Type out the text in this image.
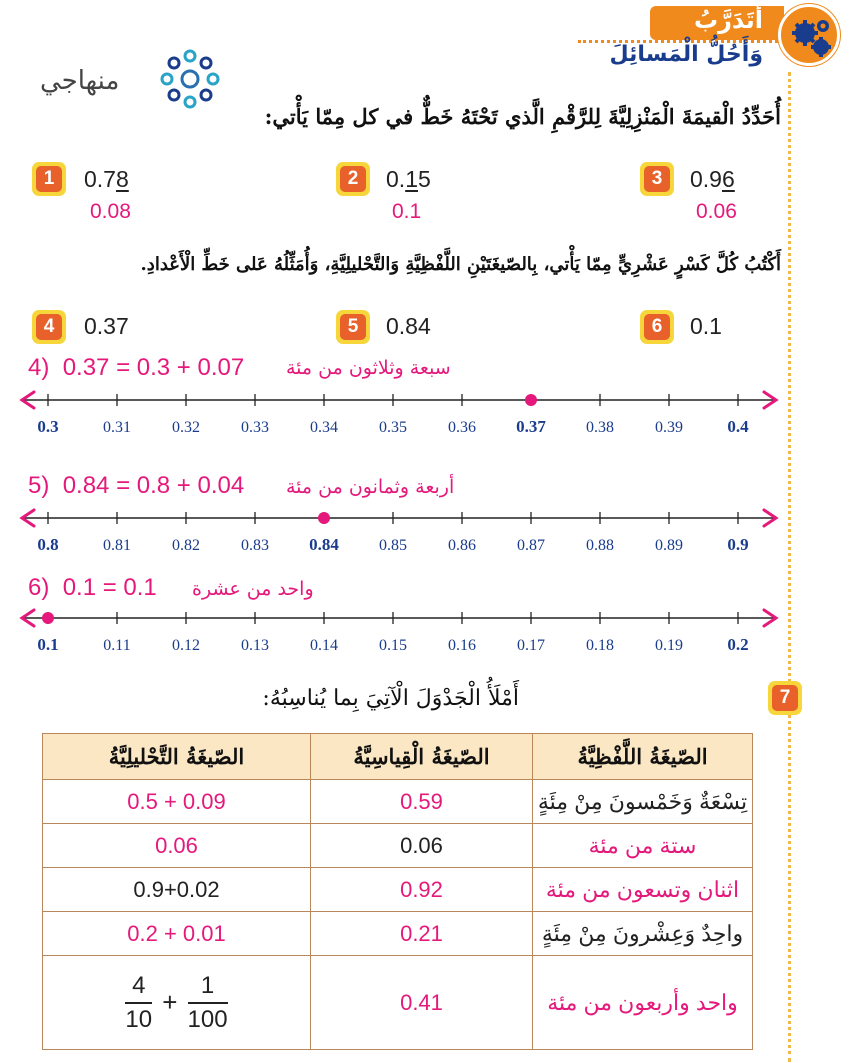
أَتَدَرَّبُ
وَأَحُلُّ الْمَسائِلَ
منهاجي
أُحَدِّدُ الْقيمَةَ الْمَنْزِلِيَّةَ لِلرَّقْمِ الَّذي تَحْتَهُ خَطٌّ في كل مِمّا يَأْتي:
3	0.96
0.06
2	0.15
0.1
1	0.78
0.08
أَكْتُبُ كُلَّ كَسْرٍ عَشْرِيٍّ مِمّا يَأْتي، بِالصّيغَتَيْنِ اللَّفْظِيَّةِ وَالتَّحْليلِيَّةِ، وَأُمَثِّلُهُ عَلى خَطِّ الْأَعْدادِ.
6	0.1
5	0.84
4	0.37
4) 0.37 = 0.3 + 0.07 سبعة وثلاثون من مئة
0.3	0.31	0.32	0.33	0.34	0.35	0.36 0.37	0.38	0.39	0.4
5) 0.84 = 0.8 + 0.04 أربعة وثمانون من مئة
0.8	0.81	0.82	0.83 0.84	0.85	0.86	0.87	0.88	0.89	0.9
6) 0.1 = 0.1 واحد من عشرة
0.1	0.11	0.12	0.13	0.14	0.15	0.16	0.17	0.18	0.19	0.2
7
أَمْلَأُ الْجَدْوَلَ الْآتِيَ بِما يُناسِبُهُ:
الصّيغَةُ التَّحْليلِيَّةُ	الصّيغَةُ الْقِياسِيَّةُ	الصّيغَةُ اللَّفْظِيَّةُ
0.5 + 0.09	0.59	تِسْعَةٌ وَخَمْسونَ مِنْ مِئَةٍ
0.06	0.06	ستة من مئة
0.9+0.02	0.92	اثنان وتسعون من مئة
0.2 + 0.01	0.21	واحِدٌ وَعِشْرونَ مِنْ مِئَةٍ

$\frac{4}{10} + \frac{1}{100}$	0.41	واحد وأربعون من مئة
